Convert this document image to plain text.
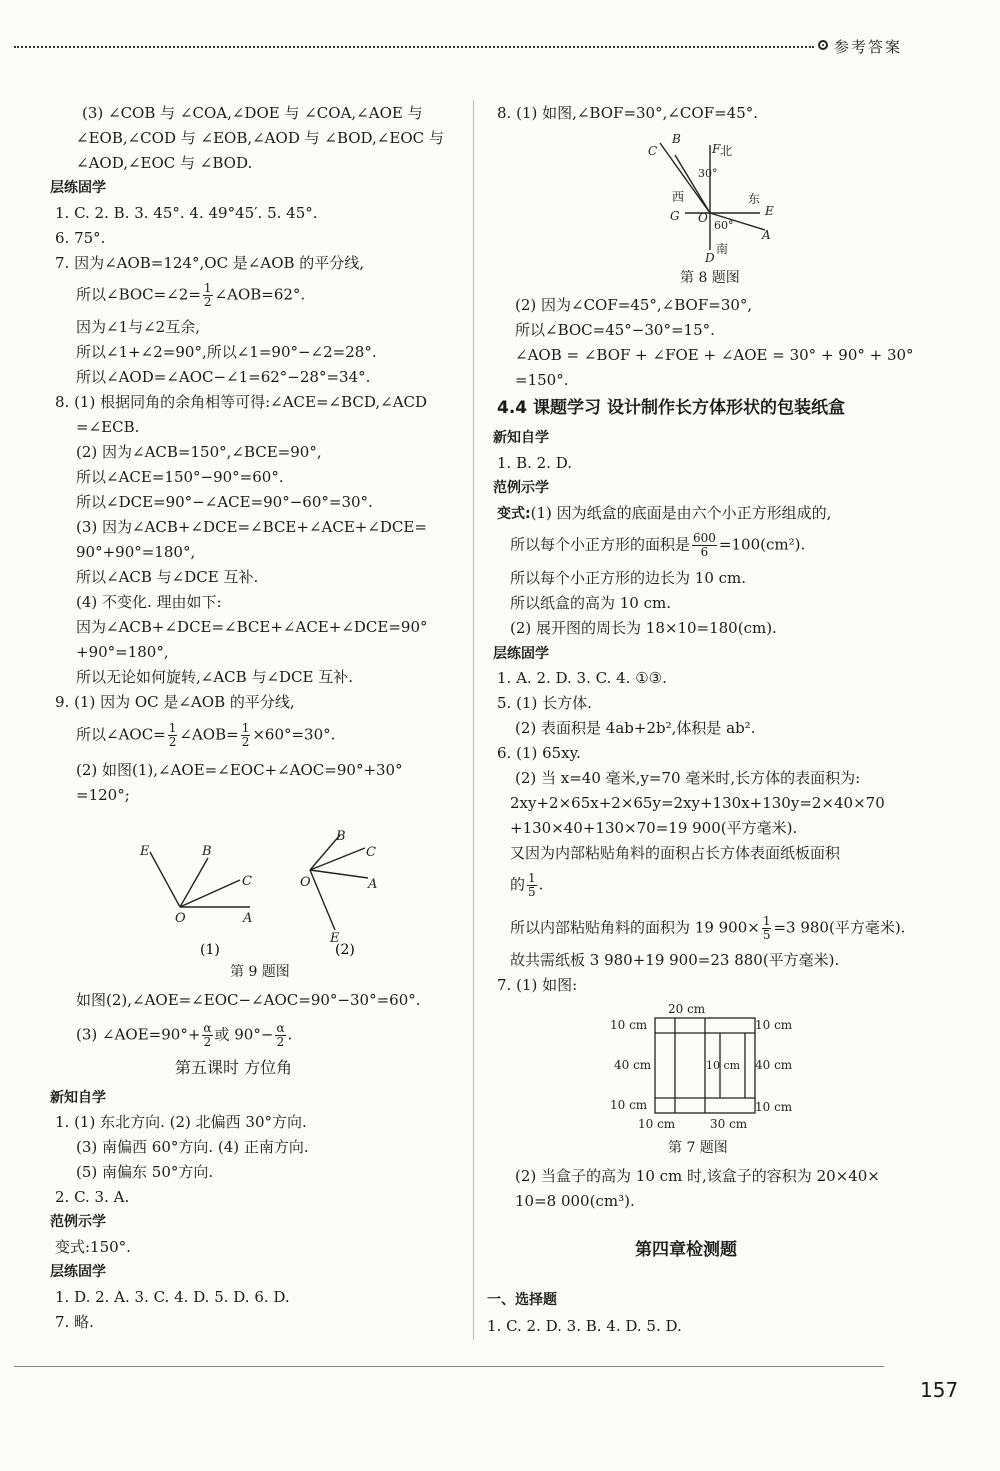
参考答案
(3) ∠COB 与 ∠COA,∠DOE 与 ∠COA,∠AOE 与
∠EOB,∠COD 与 ∠EOB,∠AOD 与 ∠BOD,∠EOC 与
∠AOD,∠EOC 与 ∠BOD.
层练固学
1. C. 2. B. 3. 45°. 4. 49°45′. 5. 45°.
6. 75°.
7. 因为∠AOB=124°,OC 是∠AOB 的平分线,
所以∠BOC=∠2= $\frac{1}{2}$ ∠AOB=62°.
因为∠1与∠2互余,
所以∠1+∠2=90°,所以∠1=90°−∠2=28°.
所以∠AOD=∠AOC−∠1=62°−28°=34°.
8. (1) 根据同角的余角相等可得:∠ACE=∠BCD,∠ACD
=∠ECB.
(2) 因为∠ACB=150°,∠BCE=90°,
所以∠ACE=150°−90°=60°.
所以∠DCE=90°−∠ACE=90°−60°=30°.
(3) 因为∠ACB+∠DCE=∠BCE+∠ACE+∠DCE=
90°+90°=180°,
所以∠ACB 与∠DCE 互补.
(4) 不变化. 理由如下:
因为∠ACB+∠DCE=∠BCE+∠ACE+∠DCE=90°
+90°=180°,
所以无论如何旋转,∠ACB 与∠DCE 互补.
9. (1) 因为 OC 是∠AOB 的平分线,
所以∠AOC= $\frac{1}{2}$ ∠AOB= $\frac{1}{2} \times 60^\circ=30^\circ$.
(2) 如图(1),∠AOE=∠EOC+∠AOC=90°+30°
=120°;
E	B
C
O	A
B
C
O	A
E
(1)	(2)
第 9 题图
如图(2),∠AOE=∠EOC−∠AOC=90°−30°=60°.
(3) ∠AOE=90°+ $\frac{\alpha}{2}$ 或 $90^\circ- \frac{\alpha}{2}$ .
第五课时 方位角
新知自学
1. (1) 东北方向. (2) 北偏西 30°方向.
(3) 南偏西 60°方向. (4) 正南方向.
(5) 南偏东 50°方向.
2. C. 3. A.
范例示学
变式:150°.
层练固学
1. D. 2. A. 3. C. 4. D. 5. D. 6. D.
7. 略.
8. (1) 如图,∠BOF=30°,∠COF=45°.
B
C	F
G O	E
A
D
北
西	东
南
30°
60°
第 8 题图
(2) 因为∠COF=45°,∠BOF=30°,
所以∠BOC=45°−30°=15°.
∠AOB = ∠BOF + ∠FOE + ∠AOE = 30° + 90° + 30°
=150°.
4.4 课题学习 设计制作长方体形状的包装纸盒
新知自学
1. B. 2. D.
范例示学
变式:(1) 因为纸盒的底面是由六个小正方形组成的,
所以每个小正方形的面积是 $\frac{600}{6} =100(cm^2)$.
所以每个小正方形的边长为 10 cm.
所以纸盒的高为 10 cm.
(2) 展开图的周长为 18×10=180(cm).
层练固学
1. A. 2. D. 3. C. 4. ①③.
5. (1) 长方体.
(2) 表面积是 4ab+2b²,体积是 ab².
6. (1) 65xy.
(2) 当 x=40 毫米,y=70 毫米时,长方体的表面积为:
2xy+2×65x+2×65y=2xy+130x+130y=2×40×70
+130×40+130×70=19 900(平方毫米).
又因为内部粘贴角料的面积占长方体表面纸板面积
的 $\frac{1}{5}$ .
所以内部粘贴角料的面积为 19 $900\times \frac{1}{5} =3$ 980(平方毫米).
故共需纸板 3 980+19 900=23 880(平方毫米).
7. (1) 如图:
20 cm
10 cm	10 cm
40 cm	40 cm
10 cm
10 cm	10 cm
10 cm	30 cm
第 7 题图
(2) 当盒子的高为 10 cm 时,该盒子的容积为 20×40×
10=8 000(cm³).
第四章检测题
一、选择题
1. C. 2. D. 3. B. 4. D. 5. D.
157
